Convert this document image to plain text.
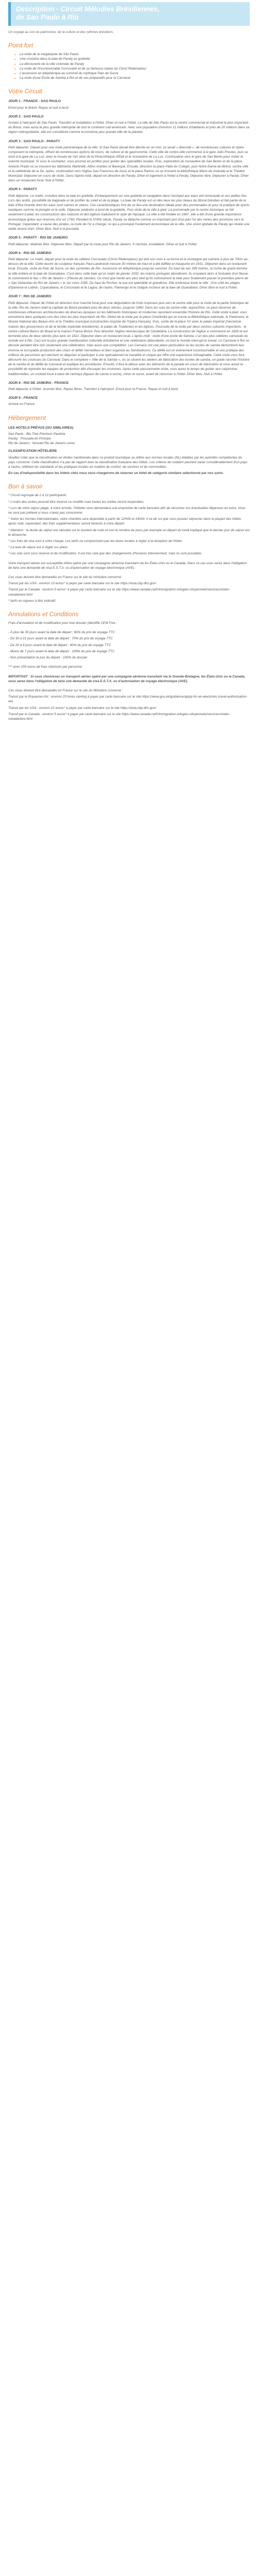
Description - Circuit Mélodies Brésiliennes,
de Sao Paulo à Rio

Un voyage au son du patrimoine, de la culture et des rythmes brésiliens.

Point fort
• La visite de la mégalopole de São Paulo
• Une croisière dans la baie de Paraty en goélette
• La découverte de la ville coloniale de Paraty
• La visite de l'incontournable Corcovado et de sa fameuse statue du Christ Rédempteur
• L'ascension en téléphérique au sommet du mythique Pain de Sucre
• La visite d'une École de Samba à Rio et de ses préparatifs pour le Carnaval
Votre Circuit
JOUR 1 : FRANCE - SAO PAULO

Envol pour le Brésil. Repas et nuit à bord.

JOUR 2 : SAO PAULO

Arrivée à l'aéroport de Sao Paulo. Transfert et installation à l'hôtel. Dîner et nuit à l'hôtel. La ville de São Paulo est le centre commercial et industriel le plus important du Brésil, mais aussi la plus grande métropole de tout le continent sud-américain. Avec une population d'environ 11 millions d'habitants et près de 20 millions dans sa région métropolitaine, elle est considérée comme la troisième plus grande ville de la planète.

JOUR 3 : SAO PAULO - PARATY

Petit déjeuner. Départ pour une visite panoramique de la ville. Si Sao Paulo devait être décrite en un mot, ce serait « diversité », de nombreuses cultures et styles composent la métropole, offrant de nombreuses options de loisirs, de culture et de gastronomie. Cette ville de contre-ville commence à la gare Julio Prestes, puis se rend à la gare de La Luz, avec la musée de l'art situé de la Pinacothèque d'État et le monastère de La Luz. Continuation vers le gare de Sao Bento pour visiter le marché municipal. Si vous le souhaitez, vous pourrez en profiter pour goûter des spécialités locales. Puis, exploration du monastère de Sao Bento et de la place Antonio Prado où se trouvent les bâtiments Martinelli, Altino Arantes et Banespa. Ensuite, direction la place Pátio do Colégio, puis Notre-Dame-du-Brésil, centre-ville et la cathédrale de la Sé. Après, continuation vers l'église Sao Francisco de Assis et la place Ramos où se trouvent la bibliothèque Mário de Andrade et le Théâtre Municipal. Déjeuner en cours de visite. Dans l'après-midi, départ en direction de Paraty. Dîner et logement à l'hôtel à Paraty. Déjeuner libre. Déjeuner à Paraty. Dîner dans un restaurant local. Nuit à l'hôtel.

JOUR 4 : PARATY

Petit déjeuner. Le matin, croisière dans la baie en goélette. Embarquement sur une goélette et navigation dans l'archipel aux eaux vert émeraude et ses petites îles. Lors des arrêts, possibilité de baignade et de profiter du soleil et de la plage. La baie de Paraty est un des lieux les plus beaux du littoral brésilien et fait partie de la baie d'Ilha Grande dont les eaux sont calmes et claires. Ces caractéristiques font de ce lieu une destination idéale pour des promenades et pour la pratique de sports nautiques comme la plongée et la voile. Déjeuner pédestre à bord de la goélette. Puis visite de la ville à pied. La promenade par le centre historique se fait seulement à pied, les constructions des maisons et des églises traduisent le style de l'époque. La ville a été fondée en 1667, elle a été d'une grande importance économique grâce aux réserves d'or en 1760. Pendant le XVIIIe siècle, Paraty se détache comme un important port d'où part l'or des mines des provinces vers le Portugal. Cependant, à cause des pirates, la route de l'or a changé, ce qui a provoqué l'isolement économique de la ville. Une vision globale de Paraty qui révèle une réelle œuvre d'art. Dîner libre. Nuit à la pousada.

JOUR 5 : PARATY - RIO DE JANEIRO

Petit déjeuner. Matinée libre. Déjeuner libre. Départ par la route pour Rio de Janeiro. À l'arrivée, installation. Dîner et nuit à l'hôtel.

JOUR 6 : RIO DE JANEIRO

Petit déjeuner. Le matin, départ pour la visite du célèbre Corcovado (Christ Rédempteur) qui doit son nom à sa forme et la montagne qui culmine à plus de 700m au-dessus de la ville. Cette œuvre du sculpteur français Paul Landowski mesure 30 mètres de haut et a été édifiée et inaugurée en 1931. Déjeuner dans un restaurant local. Ensuite, visite du Pain de Sucre, un des symboles de Rio. Ascension en téléphérique jusqu'au sommet. Du haut de ses 395 mètres, la roche de granit domine la ville entière et la baie de Guanabara. C'est dans cette baie qu'un matin de janvier 1502, les marins portugais abordèrent. Ils croyaient alors à l'estuaire d'un fleuve, ils nommèrent le lieu « Rio de Janeiro » (Fleuve de Janvier). Ce n'est que trente ans plus tard qu'ils colonisèrent la baie pour finalement passer la première pierre de « Sao Sebastiao do Rio de Janeiro » le 1er mars 1565. Du haut du Rocher, la vue est splendide et grandiose. Elle embrasse toute la ville : d'un côté les plages d'Ipanema et Leblon, Copacabana, le Corcovado et le Lagoa, de l'autre, Flamengo et le chaque rocheux de la baie de Guanabara. Dîner libre et nuit à l'hôtel.

JOUR 7 : RIO DE JANEIRO

Petit déjeuner. Départ de l'hôtel en direction d'un marché local pour une dégustation de fruits tropicaux puis vers le centre-ville pour la visite de la partie historique de la ville. Rio de Janeiro était la capitale du Brésil pendant près de deux siècles, jusqu'en 1960. Dans les rues du centre-ville, aujourd'hui, on peut observer de nombreuses influences architecturales de diverses époques où les bâtiments historiques et modernes racontent ensemble l'histoire de Rio. Cette visite à pied, vous emmènera dans quelques-uns des sites les plus importants de Rio. Début de la visite par la place Cinelândia qui se trouve la Bibliothèque nationale, le Parlement, le Musée National des Beaux-Arts et le Théâtre municipal (construction inspirée de l'Opéra français). Puis, sortie de la place XV avec le palais impérial (l'ancienne maison des gouverneurs et de la famille impériale brésilienne), le palais de Tiradentes et les églises. Poursuite de la visite par deux centres culturels importants : le centre culturel Banco do Brasil et la maison France-Brésil. Puis direction l'église néoclassique de Candelária. La construction de l'église a commencé en 1609 et est terminée plus de deux siècles plus tard, en 1811. Déjeuner dans un restaurant local. L'après-midi : visite d'une école de Samba. L'un des plus célèbres carnavals du monde est à Rio. Ceci est la plus grande manifestation culturelle brésilienne et une célébration débordante, où tout le monde interrupt le travail. Le Carnaval à Rio se déroule pendant être non seulement une célébration, mais aussi une compétition. Les Carnaux ont une place particulière où les écoles de samba démontrent leur énorme et incroyable production des chars et défilé merveilleux et bien organisé au Sambodromo. Ce défilé est un événement incontournable et une pratique des millions de personnes qui viennent se déguiser et participer à une spécialement la marabile et unique qui offre une expérience inimaginable. Cette visite vous fera découvrir les coulisses du Carnaval. Dans le complexe « Ville de la Samba », où se situent les ateliers de fabrication des écoles de samba, un guide raconte l'histoire de la samba et du défilé du Carnaval et explique les procédures. Ensuite, il fera le détour avec les éléments de la parade en cours de fabrication et vous aurez la possibilité de rejoindre les équipes de production afin d'essayer les costumes. Après cette passionnante visite, vous aurez le temps de goûter aux caïpirinhas traditionnelles, un cocktail local à base de cachaça (liqueur de canne à sucre), citron et sucre, avant de retourner à l'hôtel. Dîner libre. Nuit à l'hôtel.

JOUR 8 : RIO DE JANEIRO - FRANCE

Petit déjeuner à l'hôtel. Journée libre. Repas libres. Transfert à l'aéroport. Envol pour la France. Repas et nuit à bord.

JOUR 9 : FRANCE

Arrivée en France.

Hébergement
LES HOTELS PRÉVUS (OU SIMILAIRES)

Sao Paulo : Blu Tree Premium Paulista

Paraty : Pousada do Principe

Rio de Janeiro : Novotel Rio de Janeiro Leme

CLASSIFICATION HÔTELIÈRE

Veuillez noter que la classification en étoiles mentionnée dans ce produit touristique se réfère aux normes locales (NL) établies par les autorités compétentes du pays concerné. Cette classification n'a pas de rapport avec la classification française des hôtels. Les critères de notation peuvent varier considérablement d'un pays à l'autre, reflétant les standards et les pratiques locales en matière de confort, de services et de commodités.

En cas d'indisponibilité dans les hôtels cités nous vous chargerons de réserver un hôtel de catégorie similaire sélectionné par nos soins.

Bon à savoir

* Circuit regroupé de 2 à 12 participants

* L'ordre des visites pourrait être inversé ou modifié mais toutes les visites seront respectées.

* Lors de votre séjour plage, à votre arrivée, l'hôtelier vous demandera une empreinte de carte bancaire afin de sécuriser vos éventuelles dépenses en extra. Vous ne sera pas prélevé si vous n'avez pas consommé.

* Selon les normes internationales, votre chambre sera disponible à partir de 12H00 et 14h00. Il va de soi que vous pouvez séjourner dans la plupart des hôtels après midi, cependant, des frais supplémentaires seront facturés à votre départ.

* Attention : la durée du séjour est calculée sur le nombre de nuits et non le nombre de jours par exemple un départ du lundi implique que le dernier jour de séjour est le dimanche.

* Les frais de visa sont à votre charge. Les tarifs ne comprennent pas les taxes locales à régler à la réception de l'hôtel.

* La taxe de séjour est à régler sur place.

* Les vols sont sous réserve et de modification. Il est très rare que des changements d'horaires interviennent, mais ils sont possibles.

Votre transport aérien est susceptible d'être opéré par une compagnie aérienne transitant via les États-Unis ou le Canada. Dans ce cas vous serez dans l'obligation de faire une demande de visa E.S.T.A. ou d'autorisation de voyage électronique (AVE).

Ces visas doivent être demandés en France sur le site du ministère concerné :

Transit par les USA : environ 13 euros* à payer par carte bancaire sur le site https://esta.cbp.dhs.gov/

Transit par le Canada : environ 5 euros* à payer par carte bancaire sur le site https://www.canada.ca/fr/immigration-refugies-citoyennete/services/visiter-canada/ave.html

* tarifs en vigueur à titre indicatif.

Annulations et Conditions

Frais d'annulation et de modification pour tout dossier (identifié CEM Fixe :

- À plus de 30 jours avant la date de départ : 60% du prix de voyage TTC

- De 30 à 21 jours avant la date de départ : 70% du prix de voyage TTC

- De 20 à 8 jours avant la date de départ : 80% du prix de voyage TTC

- Moins de 7 jours avant la date de départ : 100% du prix de voyage TTC

- Non présentation le jour du départ : 100% du dossier

*** avec 250 euros de frais minimum par personne

IMPORTANT : Si vous choisissez un transport aérien opéré par une compagnie aérienne transitant via le Grande-Bretagne, les États-Unis ou le Canada, vous serez dans l'obligation de faire une demande de visa E.S.T.A. ou d'autorisation de voyage électronique (AVE).

Ces visas doivent être demandés en France sur le site du Ministère concerné :

Transit par la Royaume-Uni : environ 23 livres sterling à payer par carte bancaire sur le site https://www.gov.uk/guidance/apply-for-an-electronic-travel-authorisation-eta

Transit par les USA : environ 21 euros* à payer par carte bancaire sur le site https://esta.cbp.dhs.gov/

Transit par le Canada : environ 5 euros* à payer par carte bancaire sur le site https://www.canada.ca/fr/immigration-refugies-citoyennete/services/visiter-canada/ave.html
